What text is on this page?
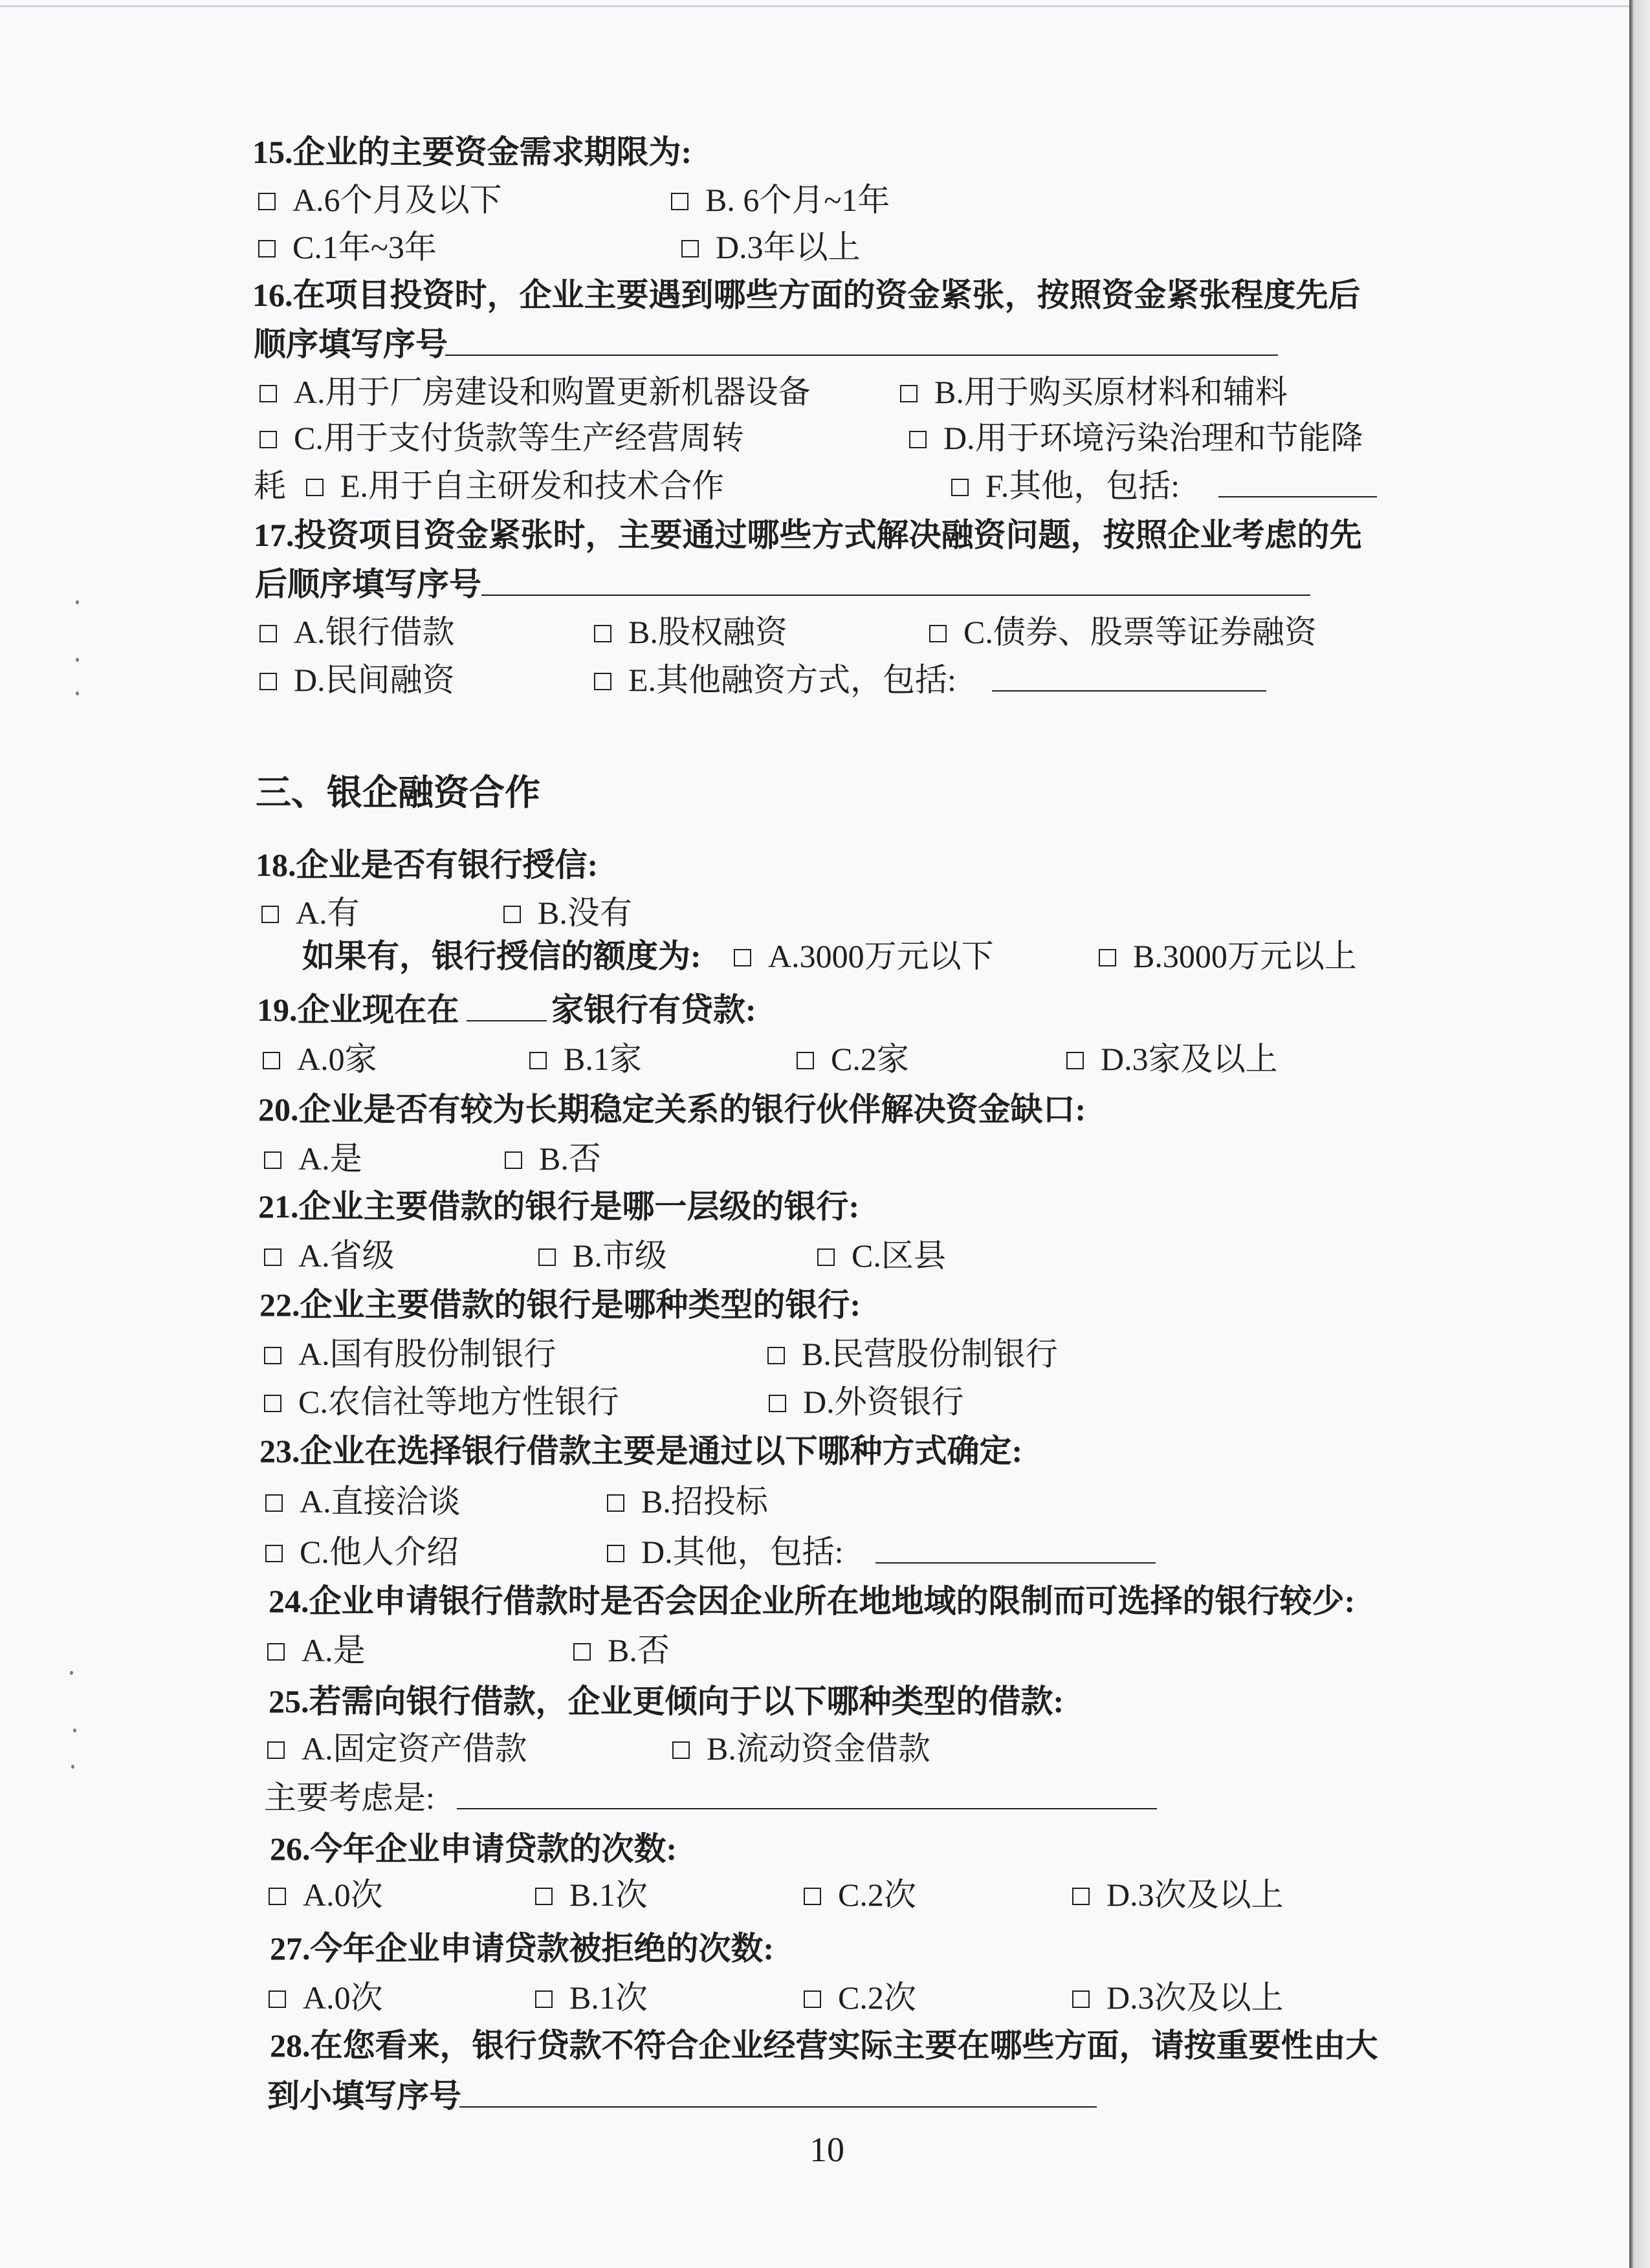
15.企业的主要资金需求期限为:
A.6个月及以下	B. 6个月~1年
C.1年~3年	D.3年以上
16.在项目投资时，企业主要遇到哪些方面的资金紧张，按照资金紧张程度先后
顺序填写序号
A.用于厂房建设和购置更新机器设备	B.用于购买原材料和辅料
C.用于支付货款等生产经营周转	D.用于环境污染治理和节能降
耗	E.用于自主研发和技术合作	F.其他，包括:
17.投资项目资金紧张时，主要通过哪些方式解决融资问题，按照企业考虑的先
后顺序填写序号
A.银行借款	B.股权融资	C.债券、股票等证券融资
D.民间融资	E.其他融资方式，包括:
三、银企融资合作
18.企业是否有银行授信:
A.有	B.没有
如果有，银行授信的额度为:	A.3000万元以下	B.3000万元以上
19.企业现在在	家银行有贷款:
A.0家	B.1家	C.2家	D.3家及以上
20.企业是否有较为长期稳定关系的银行伙伴解决资金缺口:
A.是	B.否
21.企业主要借款的银行是哪一层级的银行:
A.省级	B.市级	C.区县
22.企业主要借款的银行是哪种类型的银行:
A.国有股份制银行	B.民营股份制银行
C.农信社等地方性银行	D.外资银行
23.企业在选择银行借款主要是通过以下哪种方式确定:
A.直接洽谈	B.招投标
C.他人介绍	D.其他，包括:
24.企业申请银行借款时是否会因企业所在地地域的限制而可选择的银行较少:
A.是	B.否
25.若需向银行借款，企业更倾向于以下哪种类型的借款:
A.固定资产借款	B.流动资金借款
主要考虑是:
26.今年企业申请贷款的次数:
A.0次	B.1次	C.2次	D.3次及以上
27.今年企业申请贷款被拒绝的次数:
A.0次	B.1次	C.2次	D.3次及以上
28.在您看来，银行贷款不符合企业经营实际主要在哪些方面，请按重要性由大
到小填写序号
10
